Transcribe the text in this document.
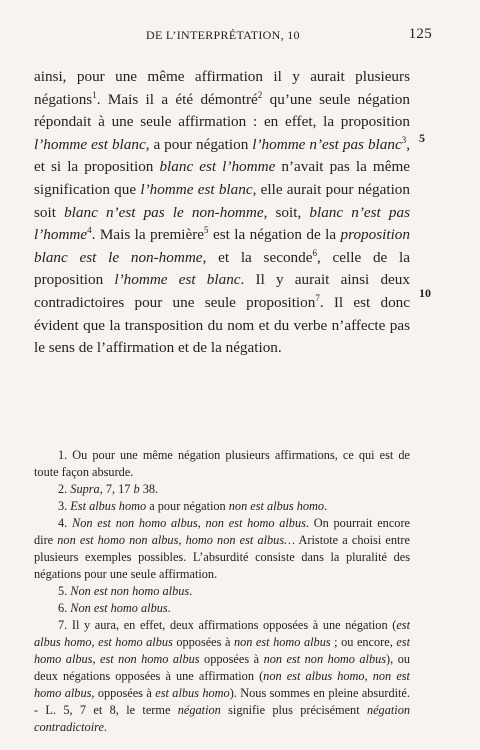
DE L’INTERPRÉTATION, 10	125

ainsi, pour une même affirmation il y aurait plusieurs négations$^1$. Mais il a été démontré$^2$ qu’une seule négation répondait à une seule affirmation : en effet, la proposition l’homme est blanc, a pour négation l’homme n’est pas blanc$^3$, et si la proposition blanc est l’homme n’avait pas la même signification que l’homme est blanc, elle aurait pour négation soit blanc n’est pas le non-homme, soit, blanc n’est pas l’homme$^4$. Mais la première$^5$ est la négation de la proposition blanc est le non-homme, et la seconde$^6$, celle de la proposition l’homme est blanc. Il y aurait ainsi deux contradictoires pour une seule proposition$^7$. Il est donc évident que la transposition du nom et du verbe n’affecte pas le sens de l’affirmation et de la négation.

5
10

1. Ou pour une même négation plusieurs affirmations, ce qui est de toute façon absurde.

2. Supra, 7, 17 b 38.

3. Est albus homo a pour négation non est albus homo.

4. Non est non homo albus, non est homo albus. On pourrait encore dire non est homo non albus, homo non est albus… Aristote a choisi entre plusieurs exemples possibles. L’absurdité consiste dans la pluralité des négations pour une seule affirmation.

5. Non est non homo albus.

6. Non est homo albus.

7. Il y aura, en effet, deux affirmations opposées à une négation (est albus homo, est homo albus opposées à non est homo albus ; ou encore, est homo albus, est non homo albus opposées à non est non homo albus), ou deux négations opposées à une affirmation (non est albus homo, non est homo albus, opposées à est albus homo). Nous sommes en pleine absurdité. - L. 5, 7 et 8, le terme négation signifie plus précisément négation contradictoire.
